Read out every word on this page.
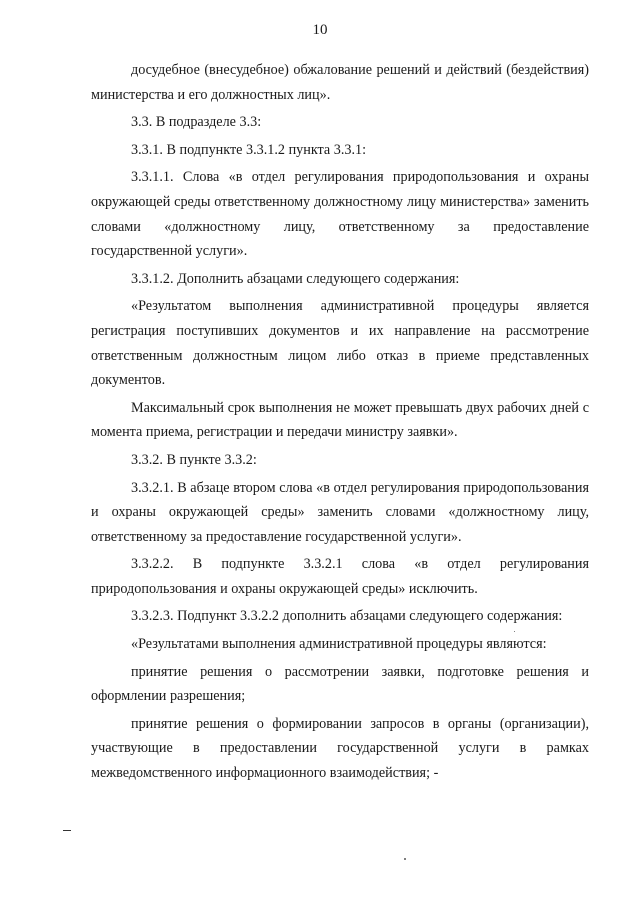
10

досудебное (внесудебное) обжалование решений и действий (бездействия) министерства и его должностных лиц».

3.3. В подразделе 3.3:

3.3.1. В подпункте 3.3.1.2 пункта 3.3.1:

3.3.1.1. Слова «в отдел регулирования природопользования и охраны окружающей среды ответственному должностному лицу министерства» заменить словами «должностному лицу, ответственному за предоставление государственной услуги».

3.3.1.2. Дополнить абзацами следующего содержания:

«Результатом выполнения административной процедуры является регистрация поступивших документов и их направление на рассмотрение ответственным должностным лицом либо отказ в приеме представленных документов.

Максимальный срок выполнения не может превышать двух рабочих дней с момента приема, регистрации и передачи министру заявки».

3.3.2. В пункте 3.3.2:

3.3.2.1. В абзаце втором слова «в отдел регулирования природопользования и охраны окружающей среды» заменить словами «должностному лицу, ответственному за предоставление государственной услуги».

3.3.2.2. В подпункте 3.3.2.1 слова «в отдел регулирования природопользования и охраны окружающей среды» исключить.

3.3.2.3. Подпункт 3.3.2.2 дополнить абзацами следующего содержания:

«Результатами выполнения административной процедуры являются:

принятие решения о рассмотрении заявки, подготовке решения и оформлении разрешения;

принятие решения о формировании запросов в органы (организации), участвующие в предоставлении государственной услуги в рамках межведомственного информационного взаимодействия; -
